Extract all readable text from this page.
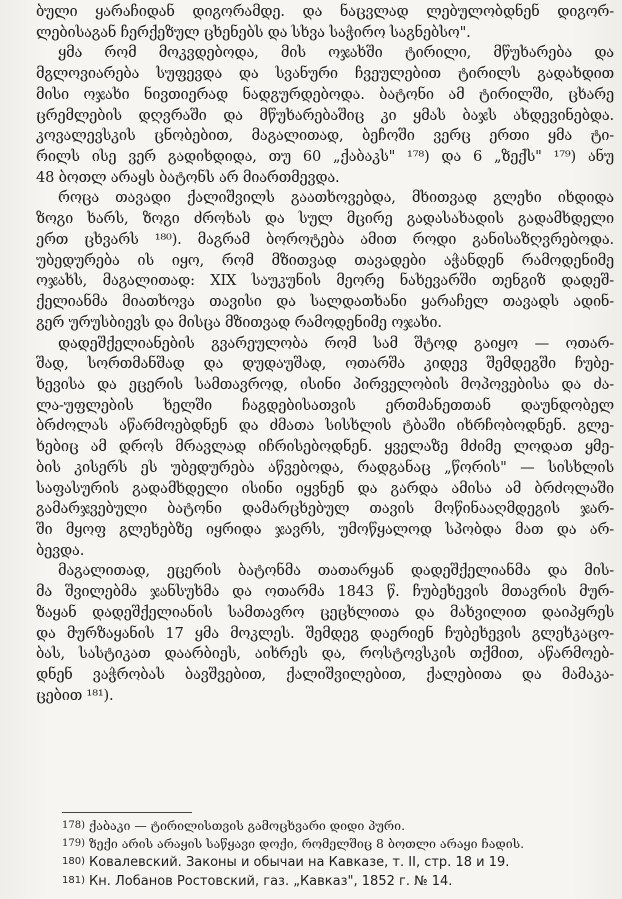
ბული ყარაჩიდან დიგორამდე. და ნაცვლად ლებულობდნენ დიგორ-
ლებისაგან ჩერქეზულ ცხენებს და სხვა საჭირო საგნებსო".
ყმა რომ მოკვდებოდა, მის ოჯახში ტირილი, მწუხარება და
მგლოვიარება სუფევდა და სვანური ჩვეულებით ტირილს გადახდით
მისი ოჯახი ნივთიერად ნადგურდებოდა. ბატონი ამ ტირილში, ცხარე
ცრემლების დღვრაში და მწუხარებაშიც კი ყმას ბაჯს ახდევინებდა.
კოვალევსკის ცნობებით, მაგალითად, ბეჩოში ვერც ერთი ყმა ტი-
რილს ისე ვერ გადიხდიდა, თუ 60 „ქაბაკს" ¹⁷⁸) და 6 „ზექს" ¹⁷⁹) ანუ
48 ბოთლ არაყს ბატონს არ მიართმევდა.
როცა თავადი ქალიშვილს გაათხოვებდა, მხითვად გლეხი იხდიდა
ზოგი ხარს, ზოგი ძროხას და სულ მცირე გადასახადის გადამხდელი
ერთ ცხვარს ¹⁸⁰). მაგრამ ბოროტება ამით როდი განისაზღვრებოდა.
უბედურება ის იყო, რომ მზითვად თავადები აჭანდენ რამოდენიმე
ოჯახს, მაგალითად: XIX საუკუნის მეორე ნახევარში თენგიზ დადეშ-
ქელიანმა მიათხოვა თავისი და სალდათხანი ყარაჩელ თავადს ადინ-
გერ ურუსბიევს და მისცა მზითვად რამოდენიმე ოჯახი.
დადეშქელიანების გვარეულობა რომ სამ შტოდ გაიყო — ოთარ-
შად, სორთმანშად და დუდაუშად, ოთარშა კიდევ შემდეგში ჩუბე-
ხევისა და ეცერის სამთავროდ, ისინი პირველობის მოპოვებისა და ძა-
ლა-უფლების ხელში ჩაგდებისათვის ერთმანეთთან დაუნდობელ
ბრძოლას აწარმოებდნენ და ძმათა სისხლის ტბაში იხრჩობოდნენ. გლე-
ხებიც ამ დროს მრავლად იჩრისებოდნენ. ყველაზე მძიმე ლოდათ ყმე-
ბის კისერს ეს უბედურება აწვებოდა, რადგანაც „წორის" — სისხლის
საფასურის გადამხდელი ისინი იყვნენ და გარდა ამისა ამ ბრძოლაში
გამარჯვებული ბატონი დამარცხებულ თავის მოწინააღმდეგის ჯარ-
ში მყოფ გლეხებზე იყრიდა ჯავრს, უმოწყალოდ სპობდა მათ და არ-
ბევდა.
მაგალითად, ეცერის ბატონმა თათარყან დადეშქელიანმა და მის-
მა შვილებმა ჯანსუხმა და ოთარმა 1843 წ. ჩუბეხევის მთავრის მურ-
ზაყან დადეშქელიანის სამთავრო ცეცხლითა და მახვილით დაიპყრეს
და მურზაყანის 17 ყმა მოკლეს. შემდეგ დაერიენ ჩუბეხევის გლეხკაცო-
ბას, სასტიკათ დაარბიეს, აიხრეს და, როსტოვსკის თქმით, აწარმოებ-
დნენ ვაჭრობას ბავშვებით, ქალიშვილებით, ქალებითა და მამაკა-
ცებით ¹⁸¹).
178) ქაბაკი — ტირილისთვის გამოცხვარი დიდი პური.
179) ზექი არის არაყის საწყავი დოქი, რომელშიც 8 ბოთლი არაყი ჩადის.
180) Ковалевский. Законы и обычаи на Кавказе, т. II, стр. 18 и 19.
181) Кн. Лобанов Ростовский, газ. „Кавказ", 1852 г. № 14.
